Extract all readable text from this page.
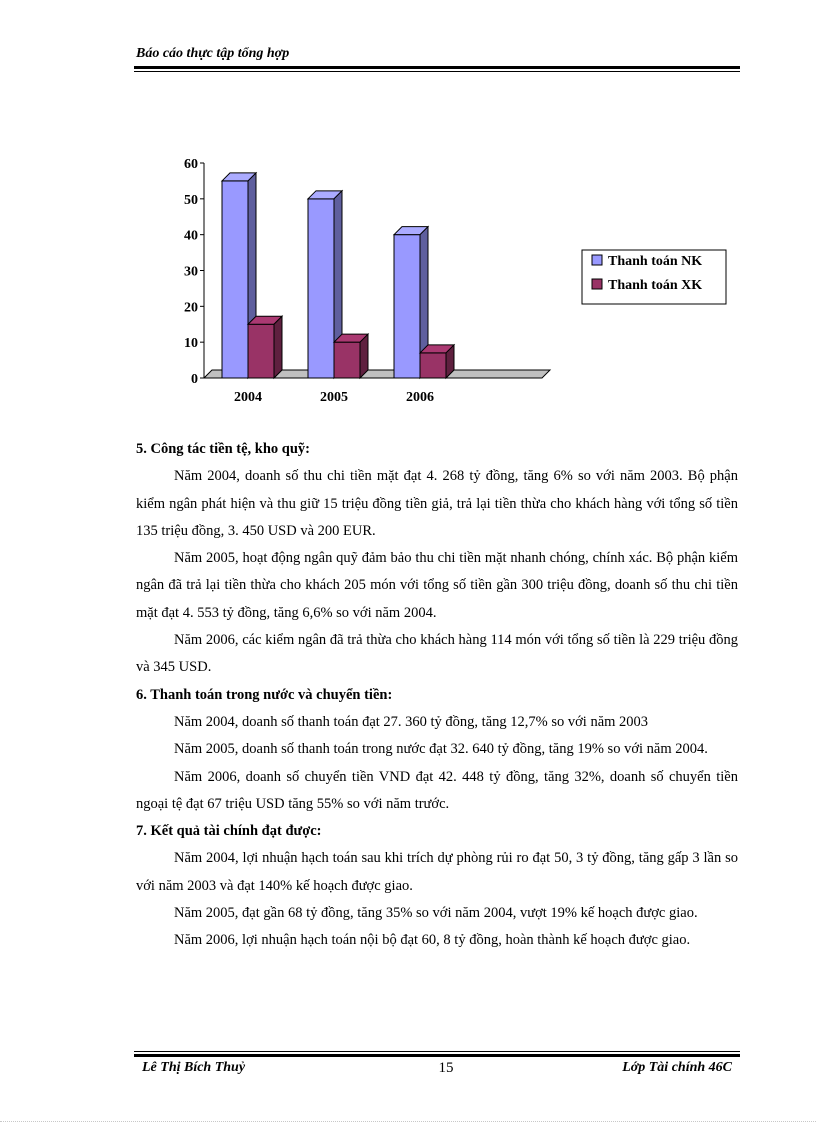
Báo cáo thực tập tổng hợp
0
10
20
30
40
50
60
2004	2005	2006
Thanh toán NK
Thanh toán XK
5. Công tác tiền tệ, kho quỹ:

Năm 2004, doanh số thu chi tiền mặt đạt 4. 268 tỷ đồng, tăng 6% so với năm 2003. Bộ phận kiểm ngân phát hiện và thu giữ 15 triệu đồng tiền giả, trả lại tiền thừa cho khách hàng với tổng số tiền 135 triệu đồng, 3. 450 USD và 200 EUR.

Năm 2005, hoạt động ngân quỹ đảm bảo thu chi tiền mặt nhanh chóng, chính xác. Bộ phận kiểm ngân đã trả lại tiền thừa cho khách 205 món với tổng số tiền gần 300 triệu đồng, doanh số thu chi tiền mặt đạt 4. 553 tỷ đồng, tăng 6,6% so với năm 2004.

Năm 2006, các kiểm ngân đã trả thừa cho khách hàng 114 món với tổng số tiền là 229 triệu đồng và 345 USD.

6. Thanh toán trong nước và chuyển tiền:

Năm 2004, doanh số thanh toán đạt 27. 360 tỷ đồng, tăng 12,7% so với năm 2003

Năm 2005, doanh số thanh toán trong nước đạt 32. 640 tỷ đồng, tăng 19% so với năm 2004.

Năm 2006, doanh số chuyển tiền VND đạt 42. 448 tỷ đồng, tăng 32%, doanh số chuyển tiền ngoại tệ đạt 67 triệu USD tăng 55% so với năm trước.

7. Kết quả tài chính đạt được:

Năm 2004, lợi nhuận hạch toán sau khi trích dự phòng rủi ro đạt 50, 3 tỷ đồng, tăng gấp 3 lần so với năm 2003 và đạt 140% kế hoạch được giao.

Năm 2005, đạt gần 68 tỷ đồng, tăng 35% so với năm 2004, vượt 19% kế hoạch được giao.

Năm 2006, lợi nhuận hạch toán nội bộ đạt 60, 8 tỷ đồng, hoàn thành kế hoạch được giao.

Lê Thị Bích Thuỷ	15	Lớp Tài chính 46C
